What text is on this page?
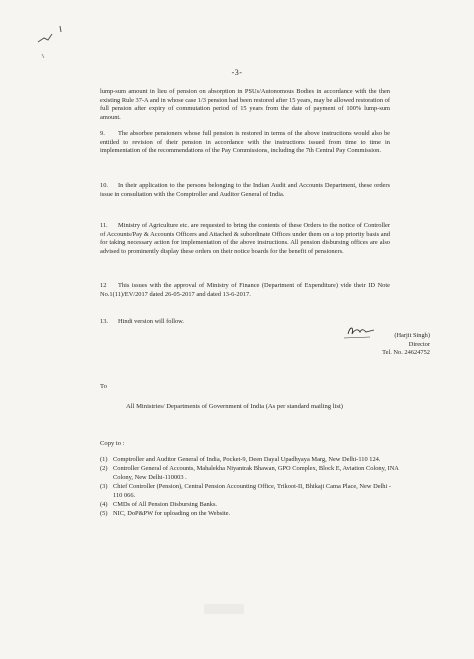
-3-
lump-sum amount in lieu of pension on absorption in PSUs/Autonomous Bodies in accordance with the then existing Rule 37-A and in whose case 1/3 pension had been restored after 15 years, may be allowed restoration of full pension after expiry of commutation period of 15 years from the date of payment of 100% lump-sum amount.
9. The absorbee pensioners whose full pension is restored in terms of the above instructions would also be entitled to revision of their pension in accordance with the instructions issued from time to time in implementation of the recommendations of the Pay Commissions, including the 7th Central Pay Commission.
10. In their application to the persons belonging to the Indian Audit and Accounts Department, these orders issue in consultation with the Comptroller and Auditor General of India.
11. Ministry of Agriculture etc. are requested to bring the contents of these Orders to the notice of Controller of Accounts/Pay & Accounts Officers and Attached & subordinate Offices under them on a top priority basis and for taking necessary action for implementation of the above instructions. All pension disbursing offices are also advised to prominently display these orders on their notice boards for the benefit of pensioners.
12 This issues with the approval of Ministry of Finance (Department of Expenditure) vide their ID Note No.1(11)/EV/2017 dated 26-05-2017 and dated 13-6-2017.
13. Hindi version will follow.
(Harjit Singh)
Director
Tel. No. 24624752
To
All Ministries/ Departments of Government of India (As per standard mailing list)
Copy to :
(1) Comptroller and Auditor General of India, Pocket-9, Deen Dayal Upadhyaya Marg, New Delhi-110 124.
(2) Controller General of Accounts, Mahalekha Niyantrak Bhawan, GPO Complex, Block E, Aviation Colony, INA Colony, New Delhi-110003 .
(3) Chief Controller (Pension), Central Pension Accounting Office, Trikoot-II, Bhikaji Cama Place, New Delhi - 110 066.
(4) CMDs of All Pension Disbursing Banks.
(5) NIC, DoP&PW for uploading on the Website.
